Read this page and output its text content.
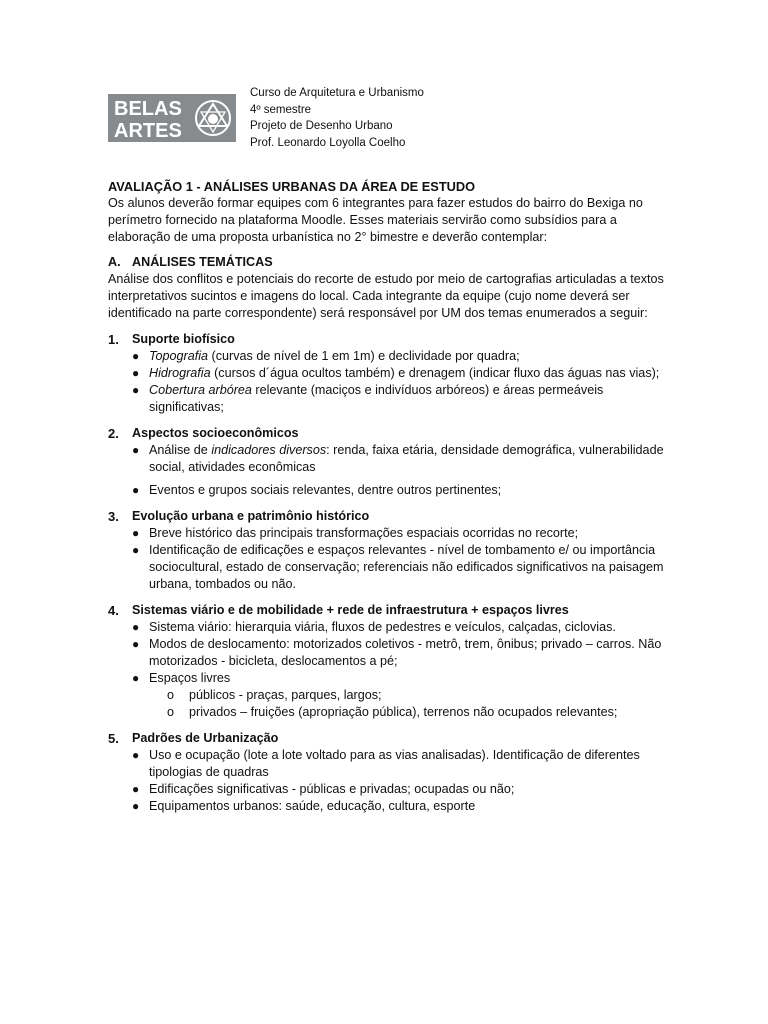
BELAS
ARTES
Curso de Arquitetura e Urbanismo
4º semestre
Projeto de Desenho Urbano
Prof. Leonardo Loyolla Coelho

AVALIAÇÃO 1 - ANÁLISES URBANAS DA ÁREA DE ESTUDO

Os alunos deverão formar equipes com 6 integrantes para fazer estudos do bairro do Bexiga no perímetro fornecido na plataforma Moodle. Esses materiais servirão como subsídios para a elaboração de uma proposta urbanística no 2° bimestre e deverão contemplar:

A. ANÁLISES TEMÁTICAS

Análise dos conflitos e potenciais do recorte de estudo por meio de cartografias articuladas a textos interpretativos sucintos e imagens do local. Cada integrante da equipe (cujo nome deverá ser identificado na parte correspondente) será responsável por UM dos temas enumerados a seguir:

1.	Suporte biofísico
● Topografia (curvas de nível de 1 em 1m) e declividade por quadra;
● Hidrografia (cursos d´água ocultos também) e drenagem (indicar fluxo das águas nas vias);
● Cobertura arbórea relevante (maciços e indivíduos arbóreos) e áreas permeáveis significativas;
2.	Aspectos socioeconômicos
● Análise de indicadores diversos: renda, faixa etária, densidade demográfica, vulnerabilidade social, atividades econômicas
● Eventos e grupos sociais relevantes, dentre outros pertinentes;
3.	Evolução urbana e patrimônio histórico
● Breve histórico das principais transformações espaciais ocorridas no recorte;
● Identificação de edificações e espaços relevantes - nível de tombamento e/ ou importância sociocultural, estado de conservação; referenciais não edificados significativos na paisagem urbana, tombados ou não.
4.	Sistemas viário e de mobilidade + rede de infraestrutura + espaços livres
● Sistema viário: hierarquia viária, fluxos de pedestres e veículos, calçadas, ciclovias.
● Modos de deslocamento: motorizados coletivos - metrô, trem, ônibus; privado – carros. Não motorizados - bicicleta, deslocamentos a pé;
● Espaços livres
o	públicos - praças, parques, largos;
o	privados – fruições (apropriação pública), terrenos não ocupados relevantes;
5.	Padrões de Urbanização
● Uso e ocupação (lote a lote voltado para as vias analisadas). Identificação de diferentes tipologias de quadras
● Edificações significativas - públicas e privadas; ocupadas ou não;
● Equipamentos urbanos: saúde, educação, cultura, esporte
